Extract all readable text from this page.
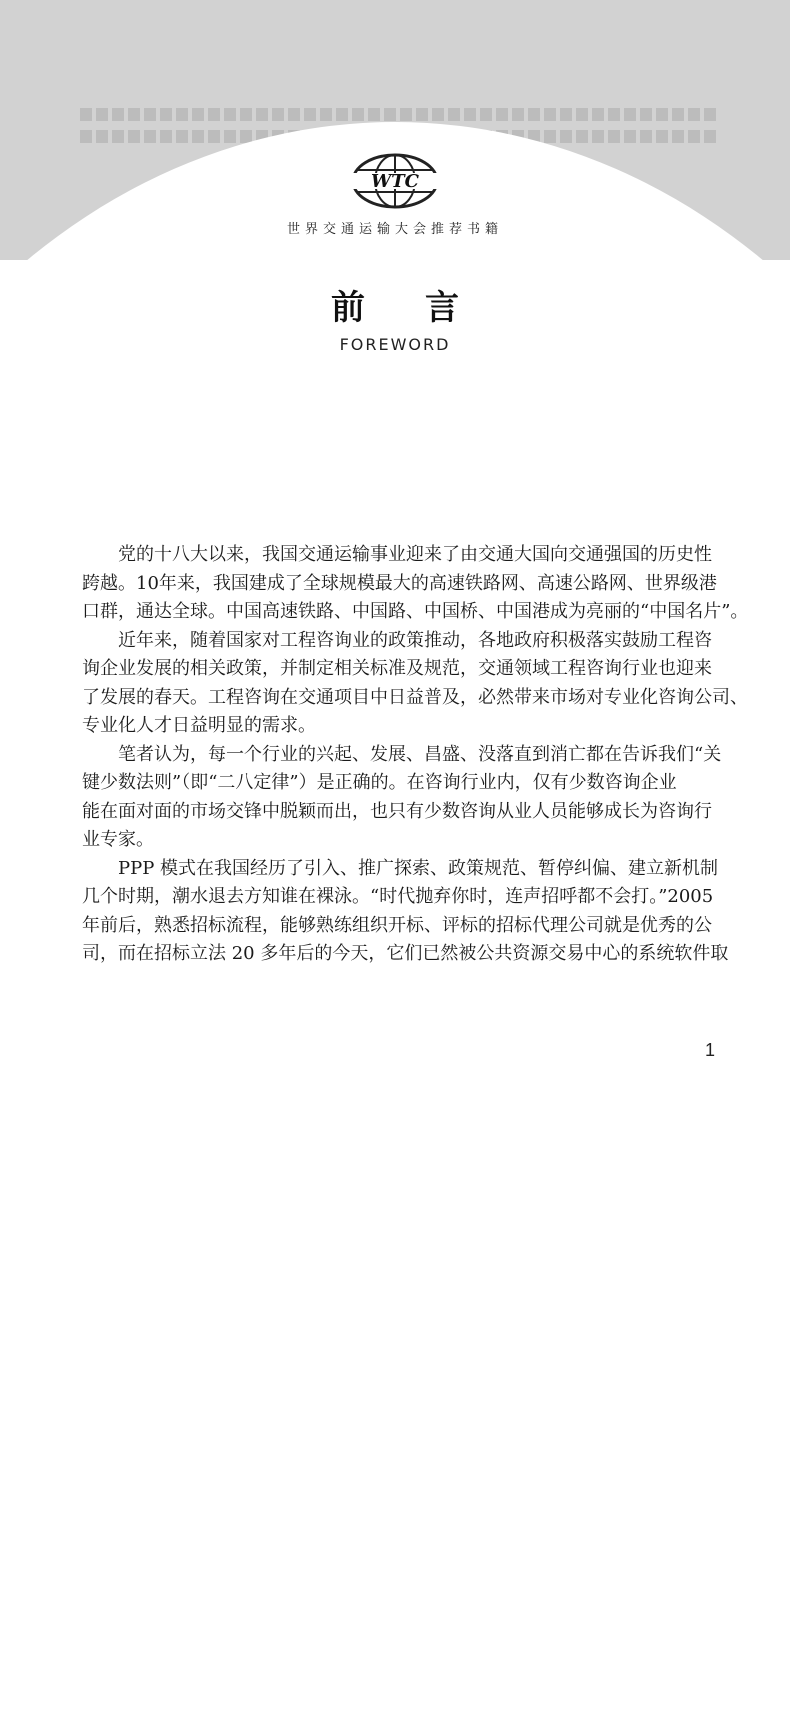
WTC
世界交通运输大会推荐书籍
前言
FOREWORD

党的十八大以来，我国交通运输事业迎来了由交通大国向交通强国的历史性
跨越。10年来，我国建成了全球规模最大的高速铁路网、高速公路网、世界级港
口群，通达全球。中国高速铁路、中国路、中国桥、中国港成为亮丽的“中国名片”。

近年来，随着国家对工程咨询业的政策推动，各地政府积极落实鼓励工程咨
询企业发展的相关政策，并制定相关标准及规范，交通领域工程咨询行业也迎来
了发展的春天。工程咨询在交通项目中日益普及，必然带来市场对专业化咨询公司、
专业化人才日益明显的需求。

笔者认为，每一个行业的兴起、发展、昌盛、没落直到消亡都在告诉我们“关
键少数法则”（即“二八定律”）是正确的。在咨询行业内，仅有少数咨询企业
能在面对面的市场交锋中脱颖而出，也只有少数咨询从业人员能够成长为咨询行
业专家。

PPP 模式在我国经历了引入、推广探索、政策规范、暂停纠偏、建立新机制
几个时期，潮水退去方知谁在裸泳。“时代抛弃你时，连声招呼都不会打。”2005
年前后，熟悉招标流程，能够熟练组织开标、评标的招标代理公司就是优秀的公
司，而在招标立法 20 多年后的今天，它们已然被公共资源交易中心的系统软件取

1
